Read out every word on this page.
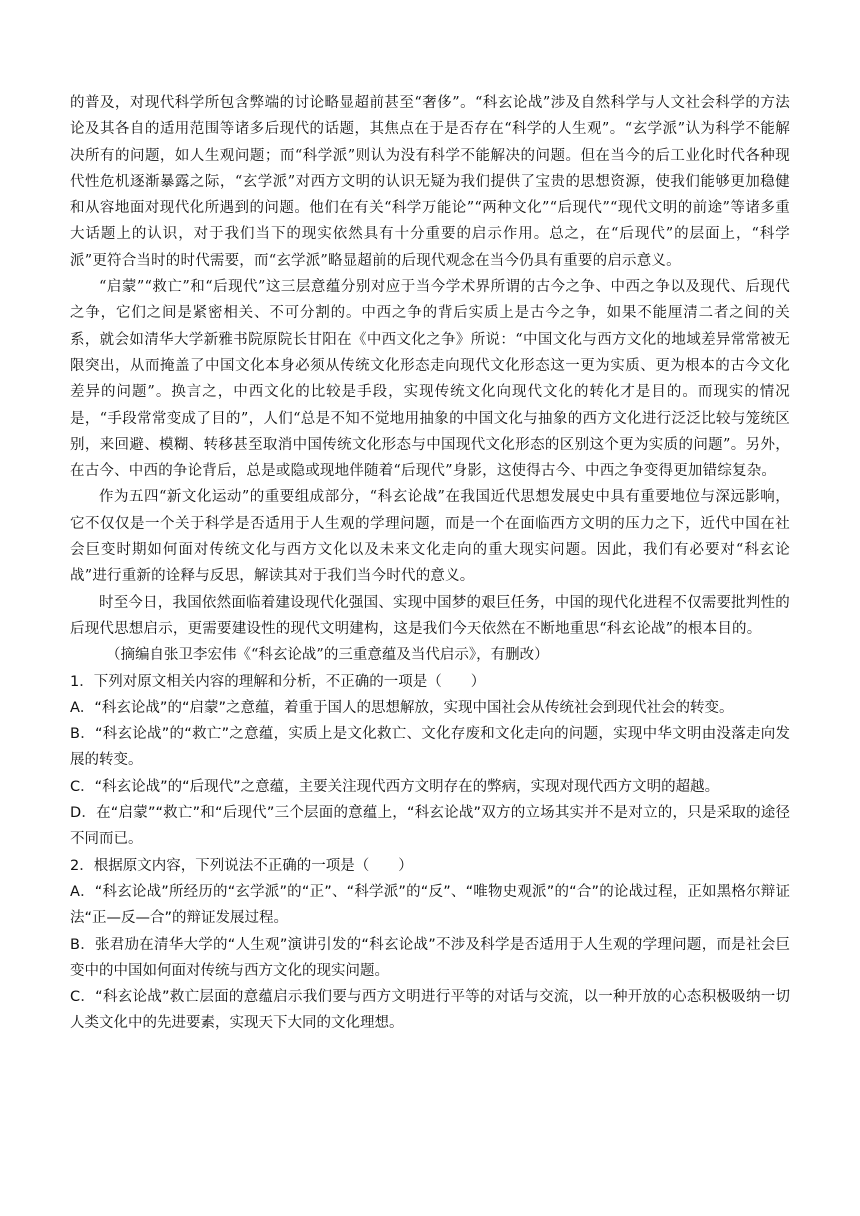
的普及，对现代科学所包含弊端的讨论略显超前甚至“奢侈”。“科玄论战”涉及自然科学与人文社会科学的方法论及其各自的适用范围等诸多后现代的话题，其焦点在于是否存在“科学的人生观”。“玄学派”认为科学不能解决所有的问题，如人生观问题；而“科学派”则认为没有科学不能解决的问题。但在当今的后工业化时代各种现代性危机逐渐暴露之际，“玄学派”对西方文明的认识无疑为我们提供了宝贵的思想资源，使我们能够更加稳健和从容地面对现代化所遇到的问题。他们在有关“科学万能论”“两种文化”“后现代”“现代文明的前途”等诸多重大话题上的认识，对于我们当下的现实依然具有十分重要的启示作用。总之，在“后现代”的层面上，“科学派”更符合当时的时代需要，而“玄学派”略显超前的后现代观念在当今仍具有重要的启示意义。

“启蒙”“救亡”和“后现代”这三层意蕴分别对应于当今学术界所谓的古今之争、中西之争以及现代、后现代之争，它们之间是紧密相关、不可分割的。中西之争的背后实质上是古今之争，如果不能厘清二者之间的关系，就会如清华大学新雅书院原院长甘阳在《中西文化之争》所说：“中国文化与西方文化的地域差异常常被无限突出，从而掩盖了中国文化本身必须从传统文化形态走向现代文化形态这一更为实质、更为根本的古今文化差异的问题”。换言之，中西文化的比较是手段，实现传统文化向现代文化的转化才是目的。而现实的情况是，“手段常常变成了目的”，人们“总是不知不觉地用抽象的中国文化与抽象的西方文化进行泛泛比较与笼统区别，来回避、模糊、转移甚至取消中国传统文化形态与中国现代文化形态的区别这个更为实质的问题”。另外，在古今、中西的争论背后，总是或隐或现地伴随着“后现代”身影，这使得古今、中西之争变得更加错综复杂。

作为五四“新文化运动”的重要组成部分，“科玄论战”在我国近代思想发展史中具有重要地位与深远影响，它不仅仅是一个关于科学是否适用于人生观的学理问题，而是一个在面临西方文明的压力之下，近代中国在社会巨变时期如何面对传统文化与西方文化以及未来文化走向的重大现实问题。因此，我们有必要对“科玄论战”进行重新的诠释与反思，解读其对于我们当今时代的意义。

时至今日，我国依然面临着建设现代化强国、实现中国梦的艰巨任务，中国的现代化进程不仅需要批判性的后现代思想启示，更需要建设性的现代文明建构，这是我们今天依然在不断地重思“科玄论战”的根本目的。

（摘编自张卫李宏伟《“科玄论战”的三重意蕴及当代启示》，有删改）

1．下列对原文相关内容的理解和分析，不正确的一项是（　　）

A．“科玄论战”的“启蒙”之意蕴，着重于国人的思想解放，实现中国社会从传统社会到现代社会的转变。

B．“科玄论战”的“救亡”之意蕴，实质上是文化救亡、文化存废和文化走向的问题，实现中华文明由没落走向发展的转变。

C．“科玄论战”的“后现代”之意蕴，主要关注现代西方文明存在的弊病，实现对现代西方文明的超越。

D．在“启蒙”“救亡”和“后现代”三个层面的意蕴上，“科玄论战”双方的立场其实并不是对立的，只是采取的途径不同而已。

2．根据原文内容，下列说法不正确的一项是（　　）

A．“科玄论战”所经历的“玄学派”的“正”、“科学派”的“反”、“唯物史观派”的“合”的论战过程，正如黑格尔辩证法“正—反—合”的辩证发展过程。

B．张君劢在清华大学的“人生观”演讲引发的“科玄论战”不涉及科学是否适用于人生观的学理问题，而是社会巨变中的中国如何面对传统与西方文化的现实问题。

C．“科玄论战”救亡层面的意蕴启示我们要与西方文明进行平等的对话与交流，以一种开放的心态积极吸纳一切人类文化中的先进要素，实现天下大同的文化理想。
